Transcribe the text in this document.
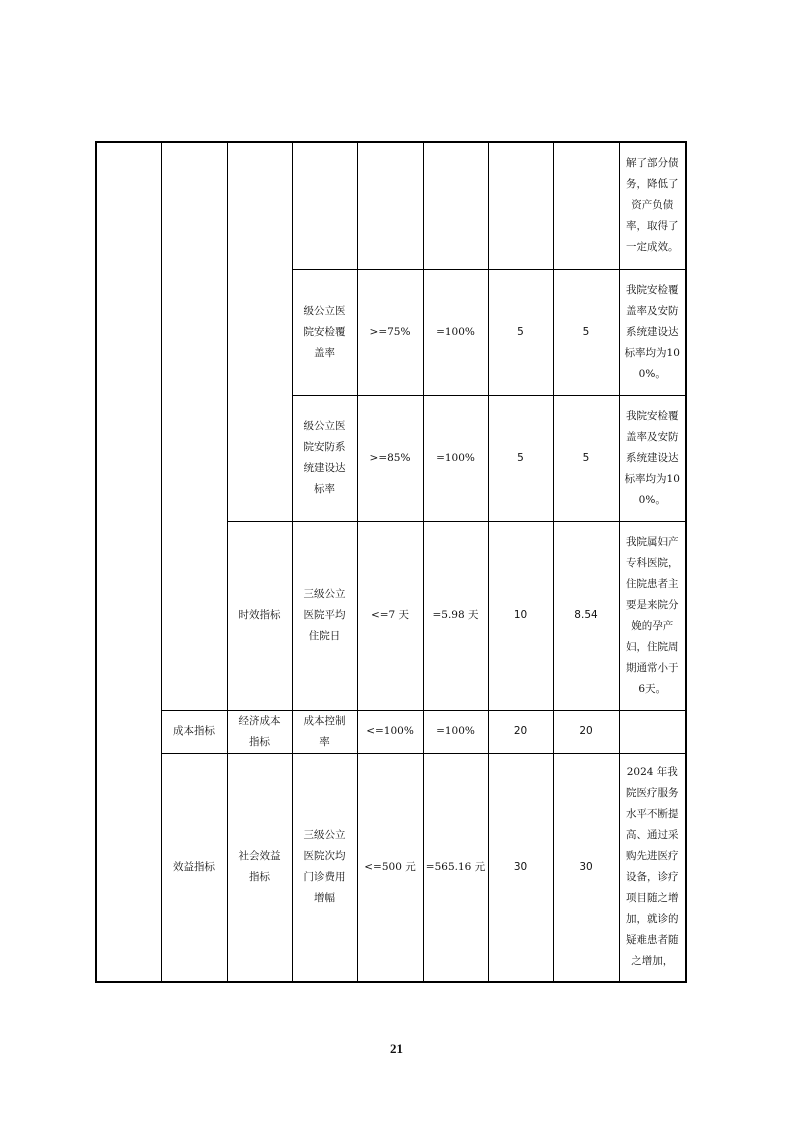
								解了部分债务，降低了资产负债率，取得了一定成效。
			级公立医院安检覆盖率	>=75%	=100%	5	5	我院安检覆盖率及安防系统建设达标率均为100%。
			级公立医院安防系统建设达标率	>=85%	=100%	5	5	我院安检覆盖率及安防系统建设达标率均为100%。
		时效指标	三级公立医院平均住院日	<=7 天	=5.98 天	10	8.54	我院属妇产专科医院，住院患者主要是来院分娩的孕产妇，住院周期通常小于 6天。
	成本指标	经济成本指标	成本控制率	<=100%	=100%	20	20	
	效益指标	社会效益指标	三级公立医院次均门诊费用增幅	<=500 元	=565.16 元	30	30	2024 年我院医疗服务水平不断提高、通过采购先进医疗设备，诊疗项目随之增加，就诊的疑难患者随之增加，
21
